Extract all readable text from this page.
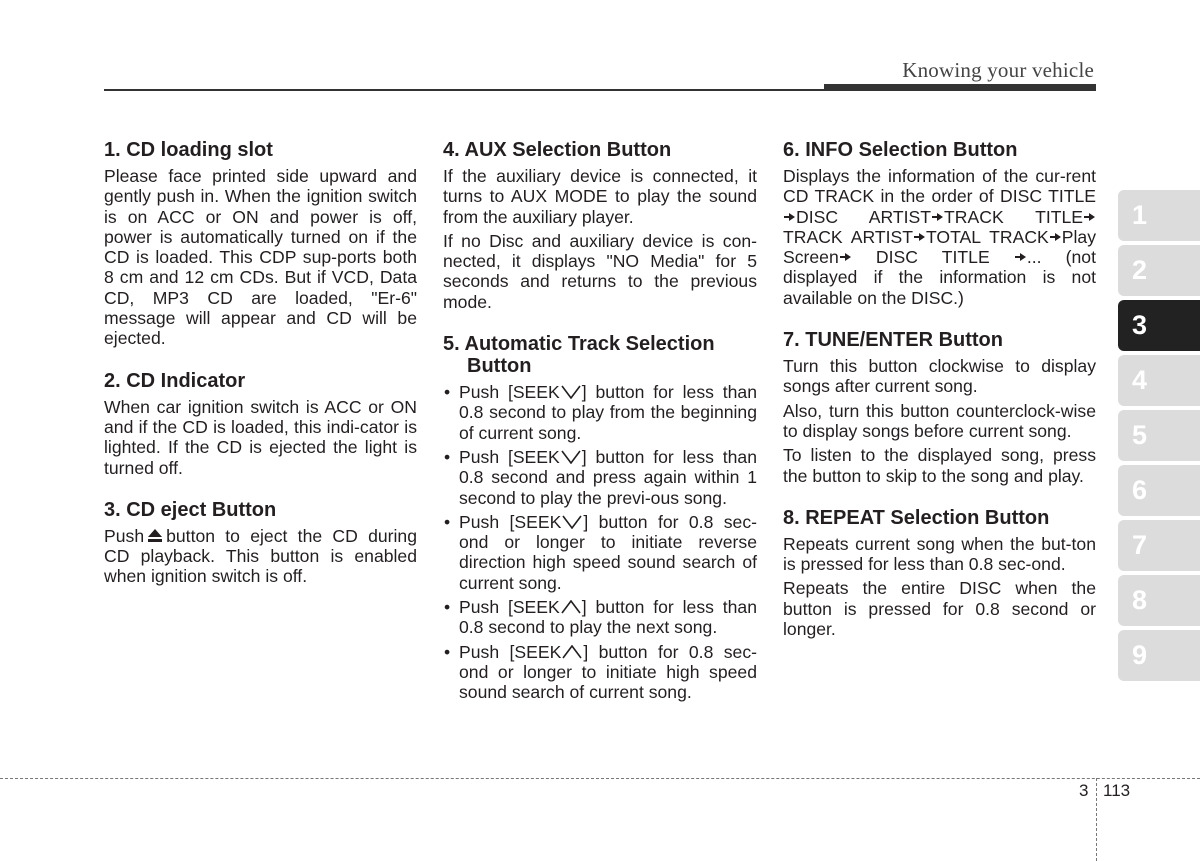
Knowing your vehicle
1. CD loading slot

Please face printed side upward and gently push in. When the ignition switch is on ACC or ON and power is off, power is automatically turned on if the CD is loaded. This CDP sup-ports both 8 cm and 12 cm CDs. But if VCD, Data CD, MP3 CD are loaded, "Er-6" message will appear and CD will be ejected.

2. CD Indicator

When car ignition switch is ACC or ON and if the CD is loaded, this indi-cator is lighted. If the CD is ejected the light is turned off.

3. CD eject Button

Push button to eject the CD during CD playback. This button is enabled when ignition switch is off.

4. AUX Selection Button

If the auxiliary device is connected, it turns to AUX MODE to play the sound from the auxiliary player.

If no Disc and auxiliary device is con-nected, it displays "NO Media" for 5 seconds and returns to the previous mode.

5. Automatic Track Selection Button
• Push [SEEK ] button for less than 0.8 second to play from the beginning of current song.
• Push [SEEK ] button for less than 0.8 second and press again within 1 second to play the previ-ous song.
• Push [SEEK ] button for 0.8 sec-ond or longer to initiate reverse direction high speed sound search of current song.
• Push [SEEK ] button for less than 0.8 second to play the next song.
• Push [SEEK ] button for 0.8 sec-ond or longer to initiate high speed sound search of current song.
6. INFO Selection Button

Displays the information of the cur-rent CD TRACK in the order of DISC TITLEDISC ARTIST TRACK TITLETRACK ARTIST TOTAL TRACK Play Screen DISC TITLE ... (not displayed if the information is not available on the DISC.)

7. TUNE/ENTER Button

Turn this button clockwise to display songs after current song.

Also, turn this button counterclock-wise to display songs before current song.

To listen to the displayed song, press the button to skip to the song and play.

8. REPEAT Selection Button

Repeats current song when the but-ton is pressed for less than 0.8 sec-ond.

Repeats the entire DISC when the button is pressed for 0.8 second or longer.

1
2
3
4
5
6
7
8
9
3 113
